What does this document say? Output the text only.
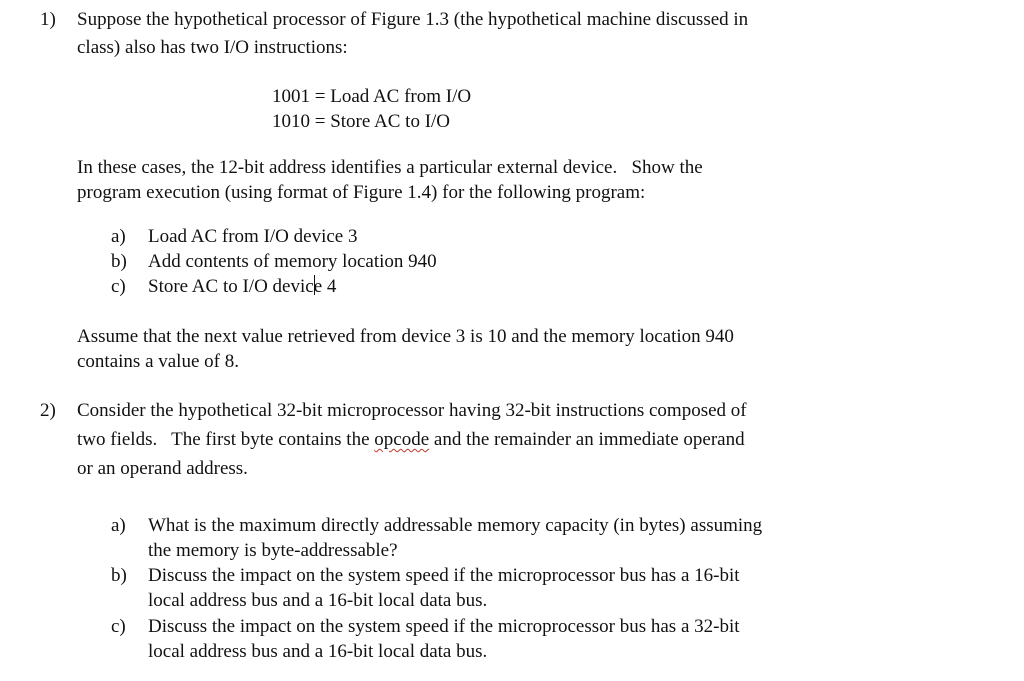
1) Suppose the hypothetical processor of Figure 1.3 (the hypothetical machine discussed in
class) also has two I/O instructions:
1001 = Load AC from I/O
1010 = Store AC to I/O
In these cases, the 12-bit address identifies a particular external device.   Show the
program execution (using format of Figure 1.4) for the following program:
a) Load AC from I/O device 3
b) Add contents of memory location 940
c) Store AC to I/O device 4
Assume that the next value retrieved from device 3 is 10 and the memory location 940
contains a value of 8.
2) Consider the hypothetical 32-bit microprocessor having 32-bit instructions composed of
two fields.   The first byte contains the opcode and the remainder an immediate operand
or an operand address.
a) What is the maximum directly addressable memory capacity (in bytes) assuming
the memory is byte-addressable?
b) Discuss the impact on the system speed if the microprocessor bus has a 16-bit
local address bus and a 16-bit local data bus.
c) Discuss the impact on the system speed if the microprocessor bus has a 32-bit
local address bus and a 16-bit local data bus.
